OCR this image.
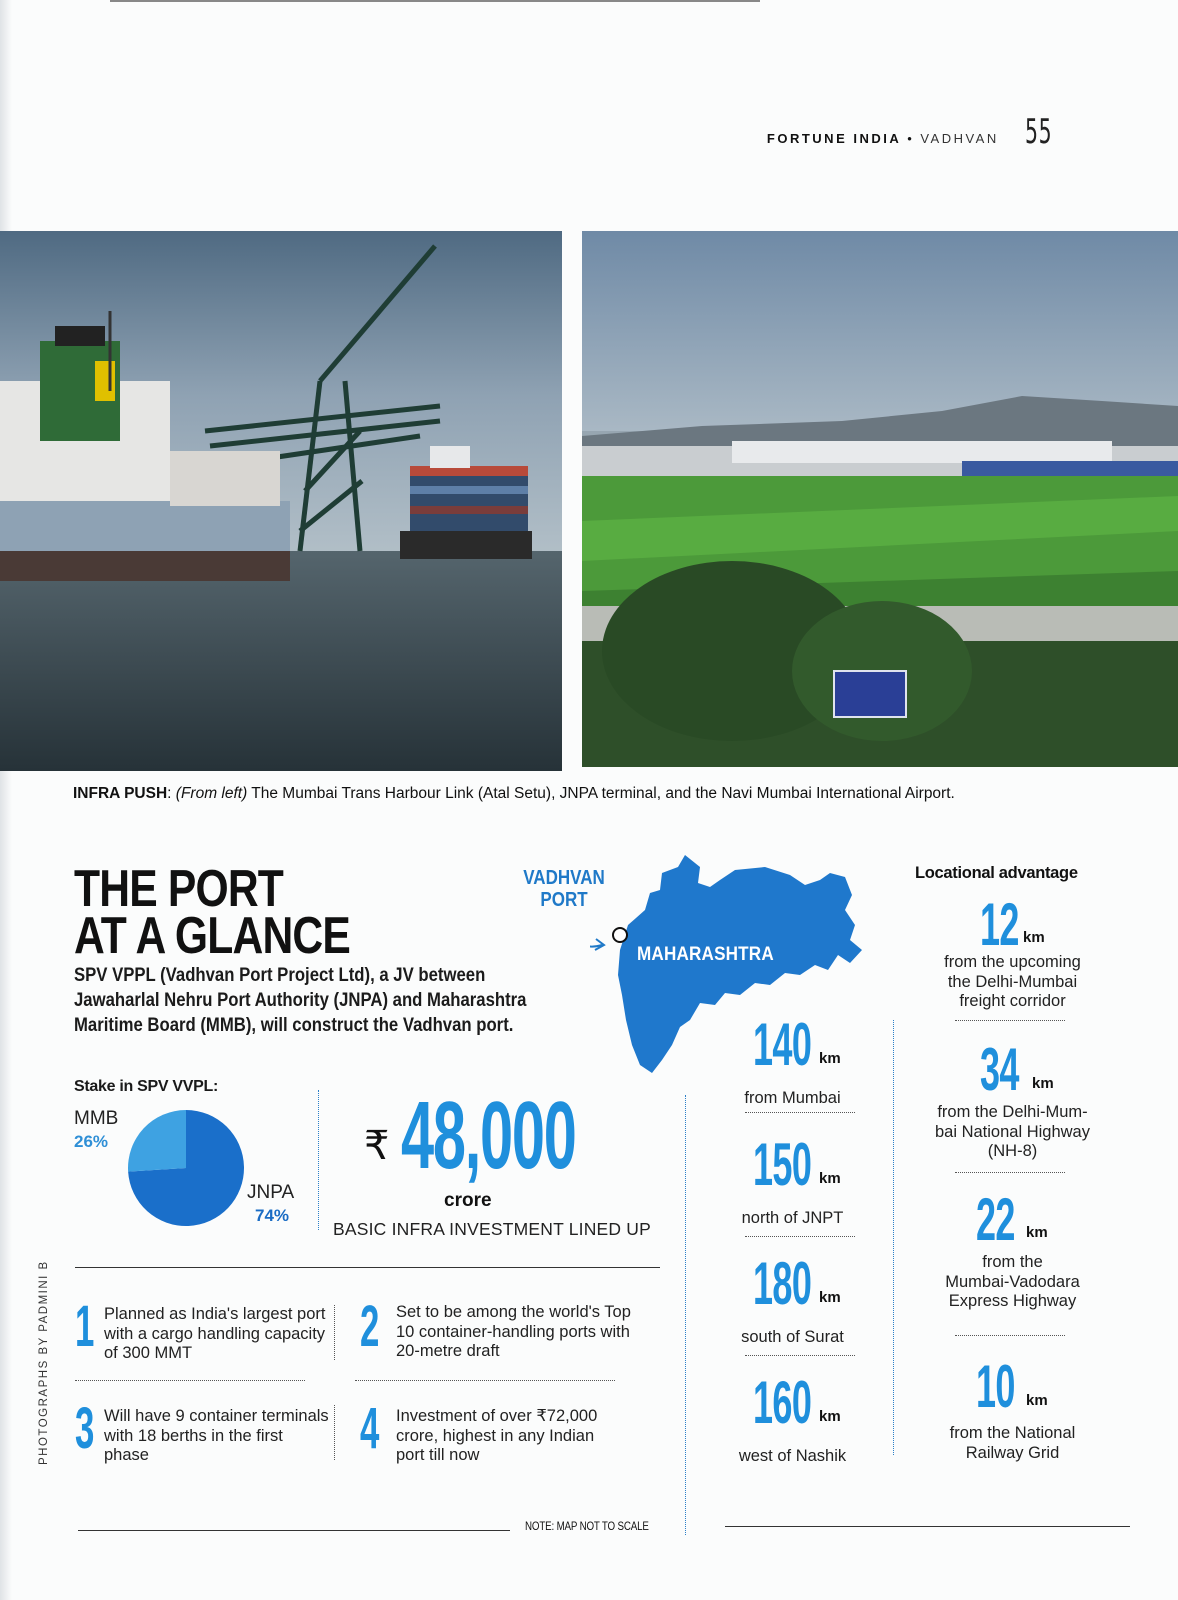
FORTUNE INDIA • VADHVAN 55
INFRA PUSH: (From left) The Mumbai Trans Harbour Link (Atal Setu), JNPA terminal, and the Navi Mumbai International Airport.
THE PORT
AT A GLANCE
SPV VPPL (Vadhvan Port Project Ltd), a JV between Jawaharlal Nehru Port Authority (JNPA) and Maharashtra Maritime Board (MMB), will construct the Vadhvan port.
Stake in SPV VVPL:
MMB
26%
JNPA
74%
₹ 48,000
crore
BASIC INFRA INVESTMENT LINED UP
1 Planned as India's largest port with a cargo handling capacity of 300 MMT	2 Set to be among the world's Top 10 container-handling ports with 20-metre draft
3 Will have 9 container terminals with 18 berths in the first phase	4 Investment of over ₹72,000 crore, highest in any Indian port till now
VADHVAN
PORT
MAHARASHTRA
140 km
from Mumbai
150 km
north of JNPT
180 km
south of Surat
160 km
west of Nashik
Locational advantage
12 km
from the upcoming
the Delhi-Mumbai
freight corridor
34 km
from the Delhi-Mum-
bai National Highway
(NH-8)
22 km
from the
Mumbai-Vadodara
Express Highway
10 km
from the National
Railway Grid
PHOTOGRAPHS BY PADMINI B
NOTE: MAP NOT TO SCALE
